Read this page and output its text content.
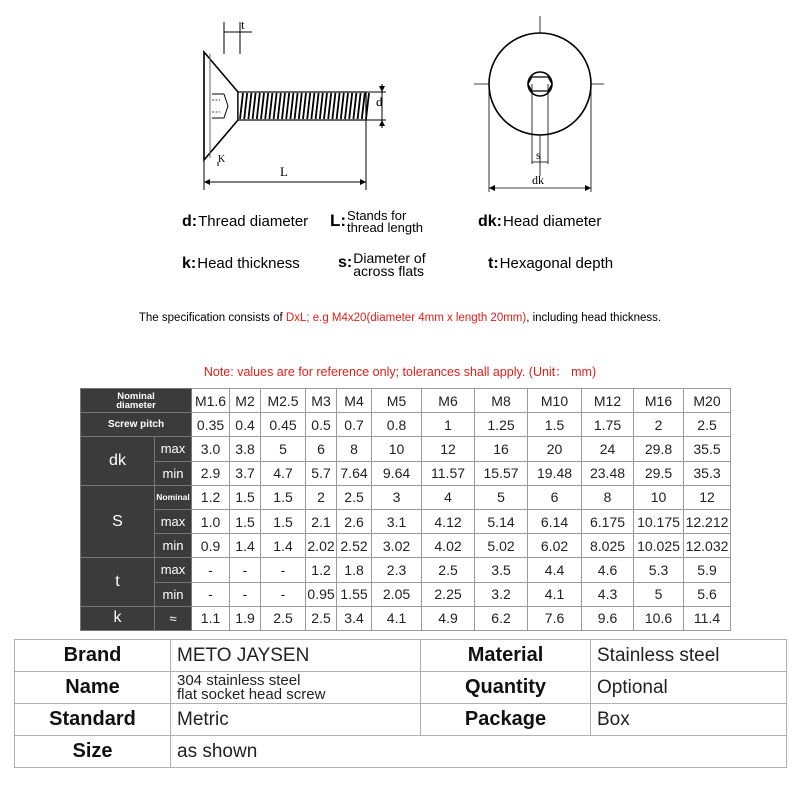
t
d
K
L
s
dk
d: Thread diameter L: Stands for
thread length	dk: Head diameter
k: Head thickness s: Diameter of
across flats	t: Hexagonal depth
The specification consists of DxL; e.g M4x20(diameter 4mm x length 20mm), including head thickness.
Note: values are for reference only; tolerances shall apply. (Unit： mm)
Nominal
diameter		M1.6	M2	M2.5	M3	M4	M5	M6	M8	M10	M12	M16	M20
Screw pitch		0.35	0.4	0.45	0.5	0.7	0.8	1	1.25	1.5	1.75	2	2.5
dk	max	3.0	3.8	5	6	8	10	12	16	20	24	29.8	35.5
	min	2.9	3.7	4.7	5.7	7.64	9.64	11.57	15.57	19.48	23.48	29.5	35.3
S	Nominal	1.2	1.5	1.5	2	2.5	3	4	5	6	8	10	12
	max	1.0	1.5	1.5	2.1	2.6	3.1	4.12	5.14	6.14	6.175	10.175	12.212
	min	0.9	1.4	1.4	2.02	2.52	3.02	4.02	5.02	6.02	8.025	10.025	12.032
t	max	-	-	-	1.2	1.8	2.3	2.5	3.5	4.4	4.6	5.3	5.9
	min	-	-	-	0.95	1.55	2.05	2.25	3.2	4.1	4.3	5	5.6
k	≈	1.1	1.9	2.5	2.5	3.4	4.1	4.9	6.2	7.6	9.6	10.6	11.4
Brand	METO JAYSEN	Material	Stainless steel
Name	304 stainless steel
flat socket head screw	Quantity	Optional
Standard	Metric	Package	Box
Size	as shown		
